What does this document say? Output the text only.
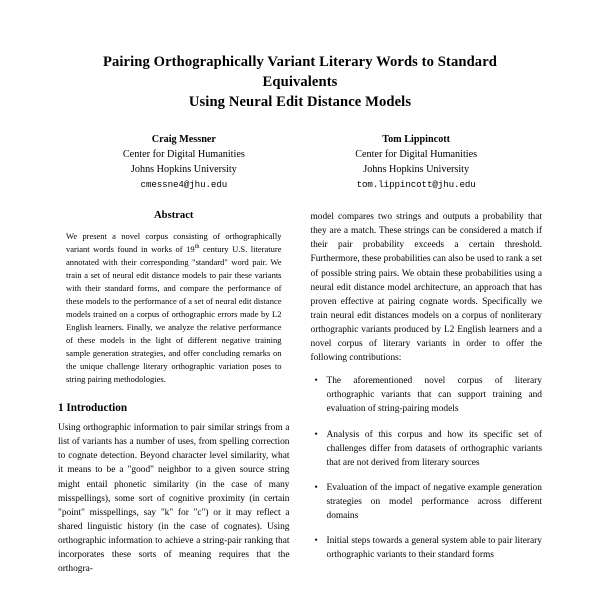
Pairing Orthographically Variant Literary Words to Standard Equivalents
Using Neural Edit Distance Models
Craig Messner
Center for Digital Humanities
Johns Hopkins University
cmessne4@jhu.edu
Tom Lippincott
Center for Digital Humanities
Johns Hopkins University
tom.lippincott@jhu.edu
Abstract

We present a novel corpus consisting of orthographically variant words found in works of 19th century U.S. literature annotated with their corresponding "standard" word pair. We train a set of neural edit distance models to pair these variants with their standard forms, and compare the performance of these models to the performance of a set of neural edit distance models trained on a corpus of orthographic errors made by L2 English learners. Finally, we analyze the relative performance of these models in the light of different negative training sample generation strategies, and offer concluding remarks on the unique challenge literary orthographic variation poses to string pairing methodologies.

1 Introduction

Using orthographic information to pair similar strings from a list of variants has a number of uses, from spelling correction to cognate detection. Beyond character level similarity, what it means to be a "good" neighbor to a given source string might entail phonetic similarity (in the case of many misspellings), some sort of cognitive proximity (in certain "point" misspellings, say "k" for "c") or it may reflect a shared linguistic history (in the case of cognates). Using orthographic information to achieve a string-pair ranking that incorporates these sorts of meaning requires that the orthogra-

model compares two strings and outputs a probability that they are a match. These strings can be considered a match if their pair probability exceeds a certain threshold. Furthermore, these probabilities can also be used to rank a set of possible string pairs. We obtain these probabilities using a neural edit distance model architecture, an approach that has proven effective at pairing cognate words. Specifically we train neural edit distances models on a corpus of nonliterary orthographic variants produced by L2 English learners and a novel corpus of literary variants in order to offer the following contributions:

• The aforementioned novel corpus of literary orthographic variants that can support training and evaluation of string-pairing models
• Analysis of this corpus and how its specific set of challenges differ from datasets of orthographic variants that are not derived from literary sources
• Evaluation of the impact of negative example generation strategies on model performance across different domains
• Initial steps towards a general system able to pair literary orthographic variants to their standard forms
